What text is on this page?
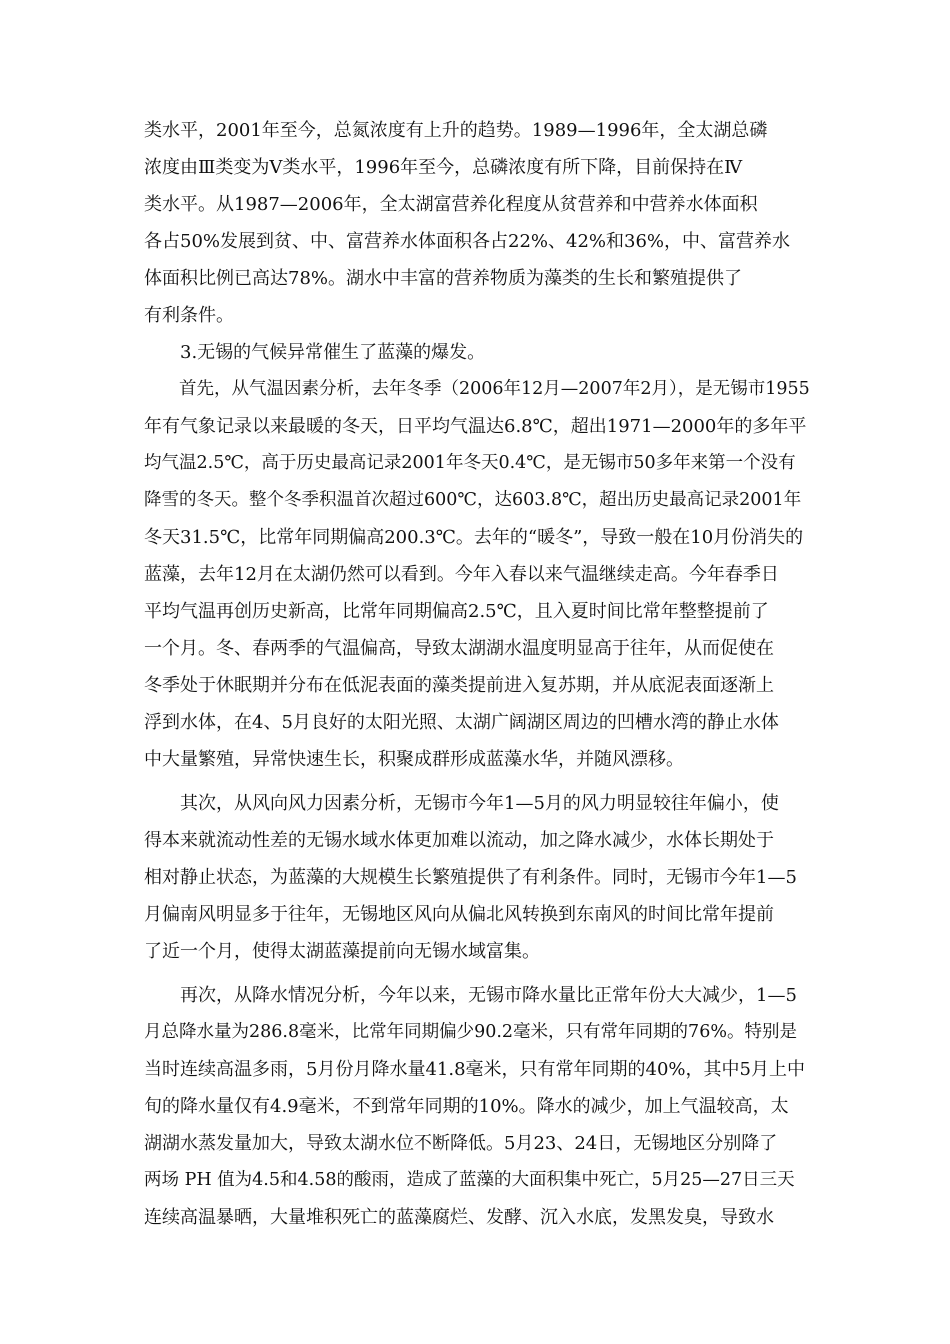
类水平，2001年至今，总氮浓度有上升的趋势。1989—1996年，全太湖总磷
浓度由Ⅲ类变为Ⅴ类水平，1996年至今，总磷浓度有所下降，目前保持在Ⅳ
类水平。从1987—2006年，全太湖富营养化程度从贫营养和中营养水体面积
各占50%发展到贫、中、富营养水体面积各占22%、42%和36%，中、富营养水
体面积比例已高达78%。湖水中丰富的营养物质为藻类的生长和繁殖提供了
有利条件。
3.无锡的气候异常催生了蓝藻的爆发。
首先，从气温因素分析，去年冬季（2006年12月—2007年2月），是无锡市1955
年有气象记录以来最暖的冬天，日平均气温达6.8℃，超出1971—2000年的多年平
均气温2.5℃，高于历史最高记录2001年冬天0.4℃，是无锡市50多年来第一个没有
降雪的冬天。整个冬季积温首次超过600℃，达603.8℃，超出历史最高记录2001年
冬天31.5℃，比常年同期偏高200.3℃。去年的“暖冬”，导致一般在10月份消失的
蓝藻，去年12月在太湖仍然可以看到。今年入春以来气温继续走高。今年春季日
平均气温再创历史新高，比常年同期偏高2.5℃，且入夏时间比常年整整提前了
一个月。冬、春两季的气温偏高，导致太湖湖水温度明显高于往年，从而促使在
冬季处于休眠期并分布在低泥表面的藻类提前进入复苏期，并从底泥表面逐渐上
浮到水体，在4、5月良好的太阳光照、太湖广阔湖区周边的凹槽水湾的静止水体
中大量繁殖，异常快速生长，积聚成群形成蓝藻水华，并随风漂移。
其次，从风向风力因素分析，无锡市今年1—5月的风力明显较往年偏小，使
得本来就流动性差的无锡水域水体更加难以流动，加之降水减少，水体长期处于
相对静止状态，为蓝藻的大规模生长繁殖提供了有利条件。同时，无锡市今年1—5
月偏南风明显多于往年，无锡地区风向从偏北风转换到东南风的时间比常年提前
了近一个月，使得太湖蓝藻提前向无锡水域富集。
再次，从降水情况分析，今年以来，无锡市降水量比正常年份大大减少，1—5
月总降水量为286.8毫米，比常年同期偏少90.2毫米，只有常年同期的76%。特别是
当时连续高温多雨，5月份月降水量41.8毫米，只有常年同期的40%，其中5月上中
旬的降水量仅有4.9毫米，不到常年同期的10%。降水的减少，加上气温较高，太
湖湖水蒸发量加大，导致太湖水位不断降低。5月23、24日，无锡地区分别降了
两场 PH 值为4.5和4.58的酸雨，造成了蓝藻的大面积集中死亡，5月25—27日三天
连续高温暴晒，大量堆积死亡的蓝藻腐烂、发酵、沉入水底，发黑发臭，导致水
